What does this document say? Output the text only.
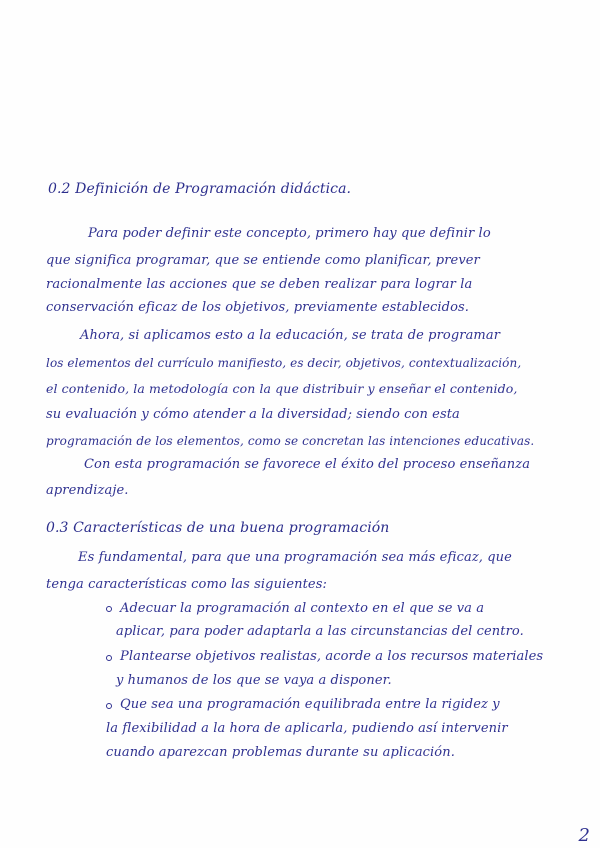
0.2 Definición de Programación didáctica.
Para poder definir este concepto, primero hay que definir lo
que significa programar, que se entiende como planificar, prever
racionalmente las acciones que se deben realizar para lograr la
conservación eficaz de los objetivos, previamente establecidos.
Ahora, si aplicamos esto a la educación, se trata de programar
los elementos del currículo manifiesto, es decir, objetivos, contextualización,
el contenido, la metodología con la que distribuir y enseñar el contenido,
su evaluación y cómo atender a la diversidad; siendo con esta
programación de los elementos, como se concretan las intenciones educativas.
Con esta programación se favorece el éxito del proceso enseñanza
aprendizaje.
0.3 Características de una buena programación
Es fundamental, para que una programación sea más eficaz, que
tenga características como las siguientes:
Adecuar la programación al contexto en el que se va a
aplicar, para poder adaptarla a las circunstancias del centro.
Plantearse objetivos realistas, acorde a los recursos materiales
y humanos de los que se vaya a disponer.
Que sea una programación equilibrada entre la rigidez y
la flexibilidad a la hora de aplicarla, pudiendo así intervenir
cuando aparezcan problemas durante su aplicación.
2
